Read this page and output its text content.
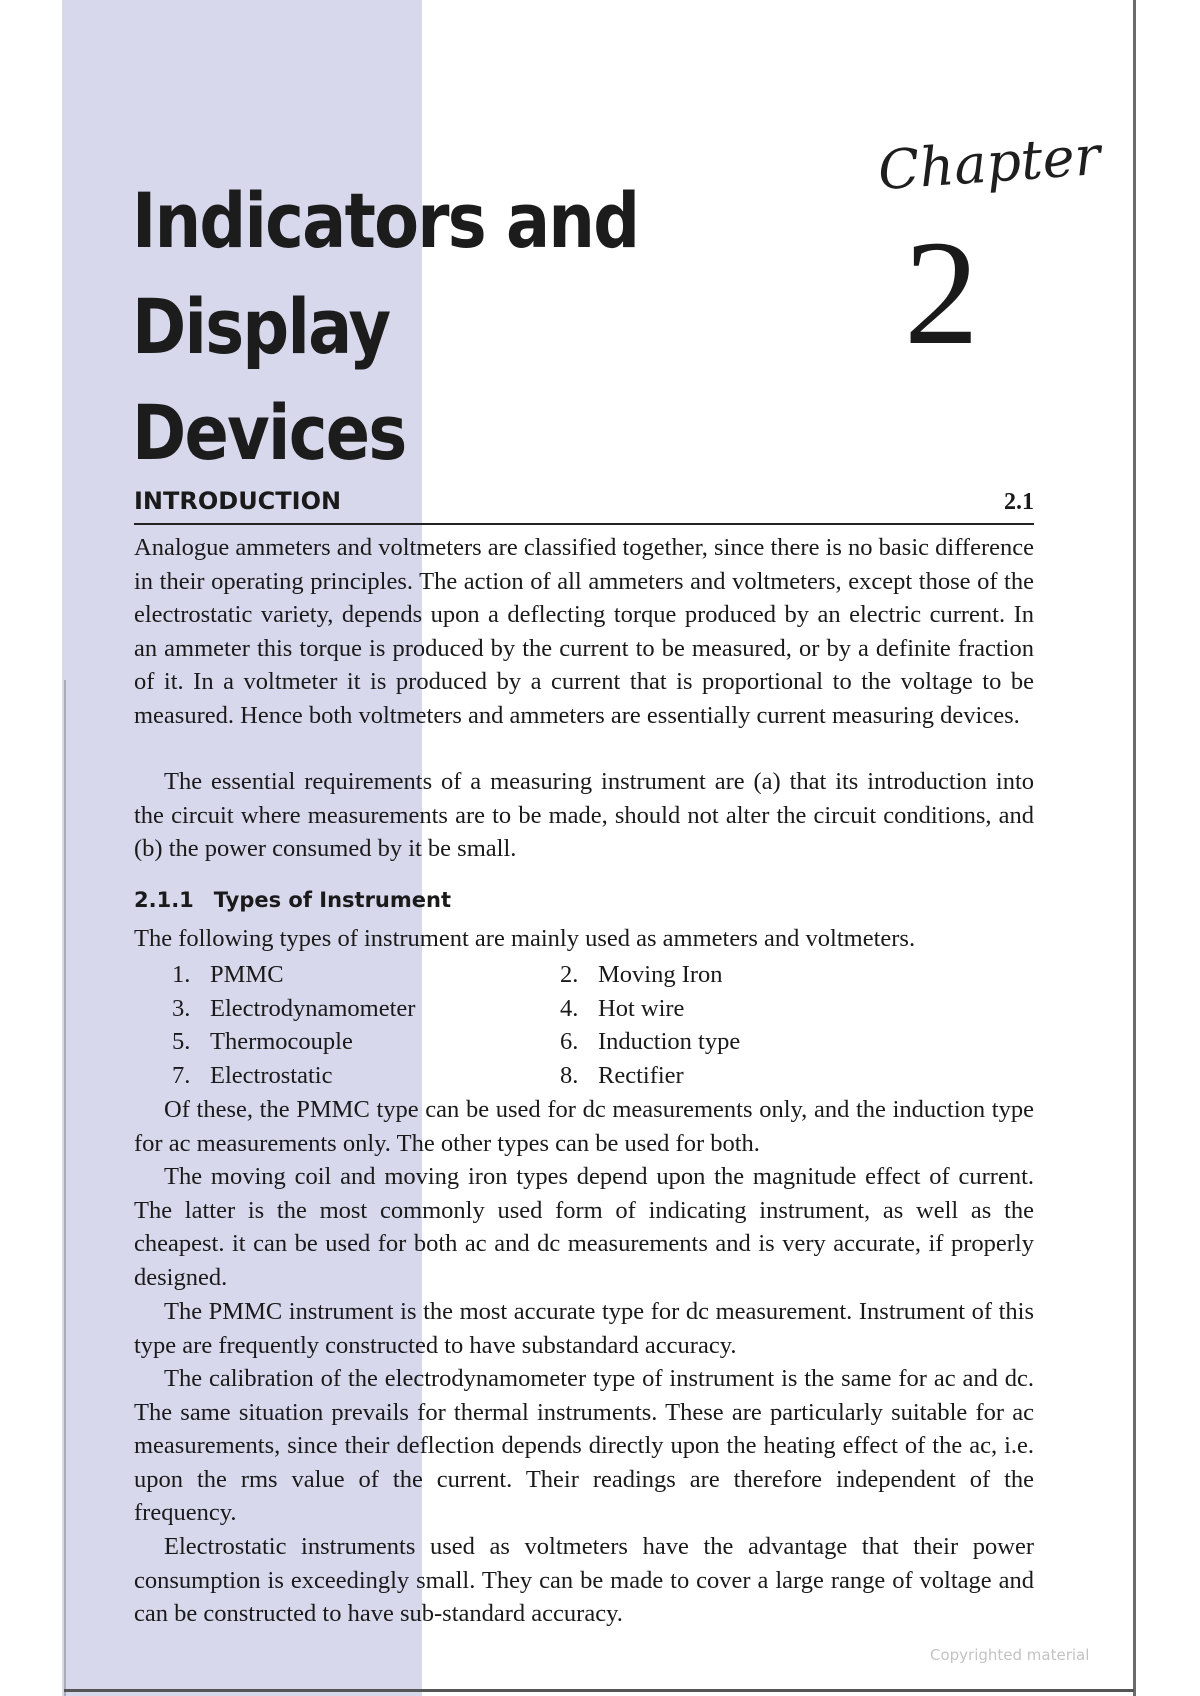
Indicators and
Display Devices

Chapter

2

INTRODUCTION	2.1

Analogue ammeters and voltmeters are classified together, since there is no basic difference in their operating principles. The action of all ammeters and voltmeters, except those of the electrostatic variety, depends upon a deflecting torque produced by an electric current. In an ammeter this torque is produced by the current to be measured, or by a definite fraction of it. In a voltmeter it is produced by a current that is proportional to the voltage to be measured. Hence both voltmeters and ammeters are essentially current measuring devices.

The essential requirements of a measuring instrument are (a) that its introduction into the circuit where measurements are to be made, should not alter the circuit conditions, and (b) the power consumed by it be small.

2.1.1 Types of Instrument

The following types of instrument are mainly used as ammeters and voltmeters.

1. PMMC	2. Moving Iron
3. Electrodynamometer	4. Hot wire
5. Thermocouple	6. Induction type
7. Electrostatic	8. Rectifier

Of these, the PMMC type can be used for dc measurements only, and the induction type for ac measurements only. The other types can be used for both.

The moving coil and moving iron types depend upon the magnitude effect of current. The latter is the most commonly used form of indicating instrument, as well as the cheapest. it can be used for both ac and dc measurements and is very accurate, if properly designed.

The PMMC instrument is the most accurate type for dc measurement. Instrument of this type are frequently constructed to have substandard accuracy.

The calibration of the electrodynamometer type of instrument is the same for ac and dc. The same situation prevails for thermal instruments. These are particularly suitable for ac measurements, since their deflection depends directly upon the heating effect of the ac, i.e. upon the rms value of the current. Their readings are therefore independent of the frequency.

Electrostatic instruments used as voltmeters have the advantage that their power consumption is exceedingly small. They can be made to cover a large range of voltage and can be constructed to have sub-standard accuracy.

Copyrighted material
